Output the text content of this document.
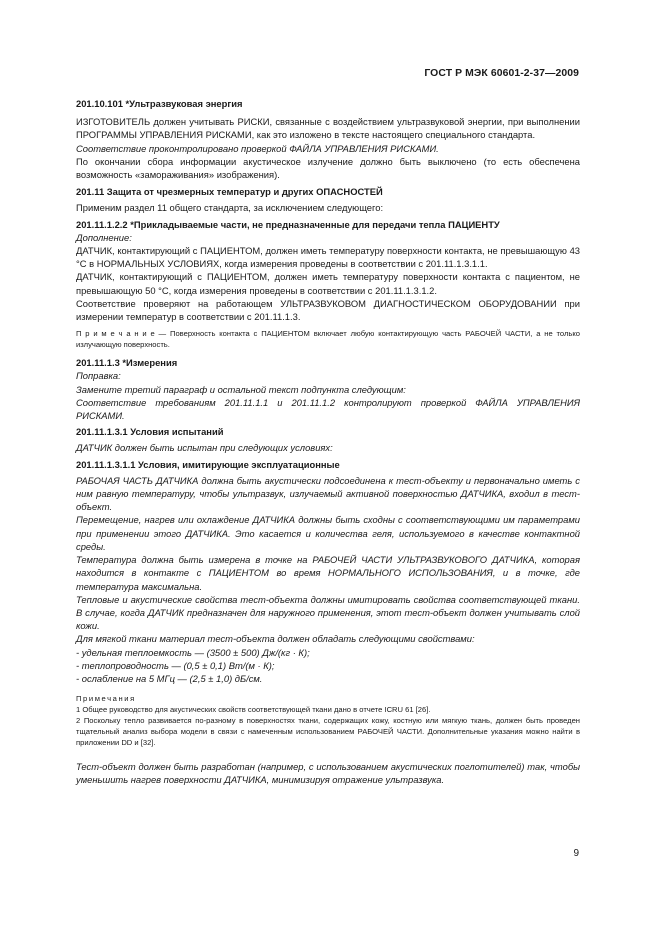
ГОСТ Р МЭК 60601-2-37—2009

201.10.101 *Ультразвуковая энергия

ИЗГОТОВИТЕЛЬ должен учитывать РИСКИ, связанные с воздействием ультразвуковой энергии, при выполнении ПРОГРАММЫ УПРАВЛЕНИЯ РИСКАМИ, как это изложено в тексте настоящего специального стандарта.

Соответствие проконтролировано проверкой ФАЙЛА УПРАВЛЕНИЯ РИСКАМИ.

По окончании сбора информации акустическое излучение должно быть выключено (то есть обеспечена возможность «замораживания» изображения).

201.11 Защита от чрезмерных температур и других ОПАСНОСТЕЙ

Применим раздел 11 общего стандарта, за исключением следующего:

201.11.1.2.2 *Прикладываемые части, не предназначенные для передачи тепла ПАЦИЕНТУ

Дополнение:

ДАТЧИК, контактирующий с ПАЦИЕНТОМ, должен иметь температуру поверхности контакта, не превышающую 43 °С в НОРМАЛЬНЫХ УСЛОВИЯХ, когда измерения проведены в соответствии с 201.11.1.3.1.1.

ДАТЧИК, контактирующий с ПАЦИЕНТОМ, должен иметь температуру поверхности контакта с пациентом, не превышающую 50 °С, когда измерения проведены в соответствии с 201.11.1.3.1.2.

Соответствие проверяют на работающем УЛЬТРАЗВУКОВОМ ДИАГНОСТИЧЕСКОМ ОБОРУДОВАНИИ при измерении температур в соответствии с 201.11.1.3.

П р и м е ч а н и е — Поверхность контакта с ПАЦИЕНТОМ включает любую контактирующую часть РАБОЧЕЙ ЧАСТИ, а не только излучающую поверхность.

201.11.1.3 *Измерения

Поправка:

Замените третий параграф и остальной текст подпункта следующим:

Соответствие требованиям 201.11.1.1 и 201.11.1.2 контролируют проверкой ФАЙЛА УПРАВЛЕНИЯ РИСКАМИ.

201.11.1.3.1 Условия испытаний

ДАТЧИК должен быть испытан при следующих условиях:

201.11.1.3.1.1 Условия, имитирующие эксплуатационные

РАБОЧАЯ ЧАСТЬ ДАТЧИКА должна быть акустически подсоединена к тест-объекту и первоначально иметь с ним равную температуру, чтобы ультразвук, излучаемый активной поверхностью ДАТЧИКА, входил в тест-объект.

Перемещение, нагрев или охлаждение ДАТЧИКА должны быть сходны с соответствующими им параметрами при применении этого ДАТЧИКА. Это касается и количества геля, используемого в качестве контактной среды.

Температура должна быть измерена в точке на РАБОЧЕЙ ЧАСТИ УЛЬТРАЗВУКОВОГО ДАТЧИКА, которая находится в контакте с ПАЦИЕНТОМ во время НОРМАЛЬНОГО ИСПОЛЬЗОВАНИЯ, и в точке, где температура максимальна.

Тепловые и акустические свойства тест-объекта должны имитировать свойства соответствующей ткани. В случае, когда ДАТЧИК предназначен для наружного применения, этот тест-объект должен учитывать слой кожи.

Для мягкой ткани материал тест-объекта должен обладать следующими свойствами:

- удельная теплоемкость — (3500 ± 500) Дж/(кг · К);

- теплопроводность — (0,5 ± 0,1) Вт/(м · К);

- ослабление на 5 МГц — (2,5 ± 1,0) дБ/см.

Примечания

1 Общее руководство для акустических свойств соответствующей ткани дано в отчете ICRU 61 [26].

2 Поскольку тепло развивается по-разному в поверхностях ткани, содержащих кожу, костную или мягкую ткань, должен быть проведен тщательный анализ выбора модели в связи с намеченным использованием РАБОЧЕЙ ЧАСТИ. Дополнительные указания можно найти в приложении DD и [32].

Тест-объект должен быть разработан (например, с использованием акустических поглотителей) так, чтобы уменьшить нагрев поверхности ДАТЧИКА, минимизируя отражение ультразвука.

9
